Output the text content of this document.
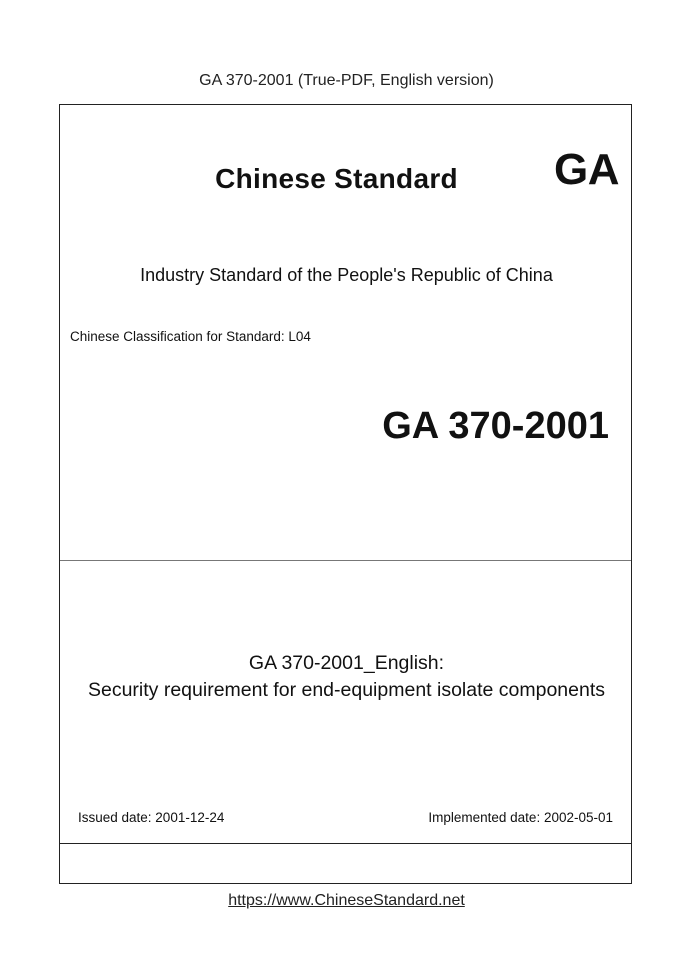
GA 370-2001 (True-PDF, English version)
Chinese Standard	GA
Industry Standard of the People's Republic of China
Chinese Classification for Standard: L04
GA 370-2001
GA 370-2001_English:
Security requirement for end-equipment isolate components
Issued date: 2001-12-24	Implemented date: 2002-05-01
https://www.ChineseStandard.net
